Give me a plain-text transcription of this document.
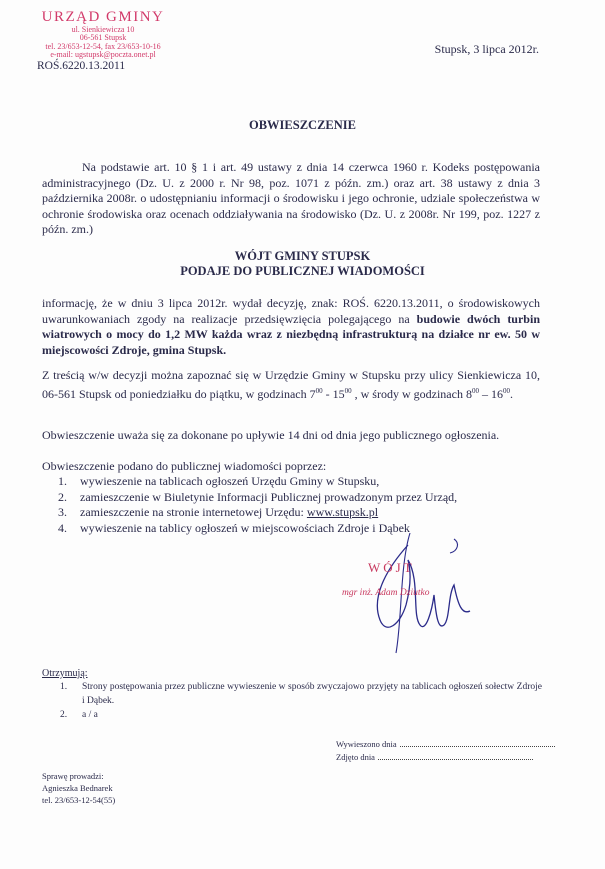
URZĄD GMINY
ul. Sienkiewicza 10
06-561 Stupsk
tel. 23/653-12-54, fax 23/653-10-16
e-mail: ugstupsk@poczta.onet.pl
ROŚ.6220.13.2011
Stupsk, 3 lipca 2012r.
OBWIESZCZENIE
Na podstawie art. 10 § 1 i art. 49 ustawy z dnia 14 czerwca 1960 r. Kodeks postępowania administracyjnego (Dz. U. z 2000 r. Nr 98, poz. 1071 z późn. zm.) oraz art. 38 ustawy z dnia 3 października 2008r. o udostępnianiu informacji o środowisku i jego ochronie, udziale społeczeństwa w ochronie środowiska oraz ocenach oddziaływania na środowisko (Dz. U. z 2008r. Nr 199, poz. 1227 z późn. zm.)
WÓJT GMINY STUPSK
PODAJE DO PUBLICZNEJ WIADOMOŚCI
informację, że w dniu 3 lipca 2012r. wydał decyzję, znak: ROŚ. 6220.13.2011, o środowiskowych uwarunkowaniach zgody na realizacje przedsięwzięcia polegającego na budowie dwóch turbin wiatrowych o mocy do 1,2 MW każda wraz z niezbędną infrastrukturą na działce nr ew. 50 w miejscowości Zdroje, gmina Stupsk.
Z treścią w/w decyzji można zapoznać się w Urzędzie Gminy w Stupsku przy ulicy Sienkiewicza 10, 06-561 Stupsk od poniedziałku do piątku, w godzinach $7^{00} - 15^{00}$ , w środy w godzinach $8^{00} - 16^{00}$.
Obwieszczenie uważa się za dokonane po upływie 14 dni od dnia jego publicznego ogłoszenia.
Obwieszczenie podano do publicznej wiadomości poprzez:
1. wywieszenie na tablicach ogłoszeń Urzędu Gminy w Stupsku,
2. zamieszczenie w Biuletynie Informacji Publicznej prowadzonym przez Urząd,
3. zamieszczenie na stronie internetowej Urzędu: www.stupsk.pl
4. wywieszenie na tablicy ogłoszeń w miejscowościach Zdroje i Dąbek
WÓJT
mgr inż. Adam Dziutko
Otrzymują:
1. Strony postępowania przez publiczne wywieszenie w sposób zwyczajowo przyjęty na tablicach ogłoszeń sołectw Zdroje i Dąbek.
2. a / a
Wywieszono dnia
Zdjęto dnia
Sprawę prowadzi:
Agnieszka Bednarek
tel. 23/653-12-54(55)
